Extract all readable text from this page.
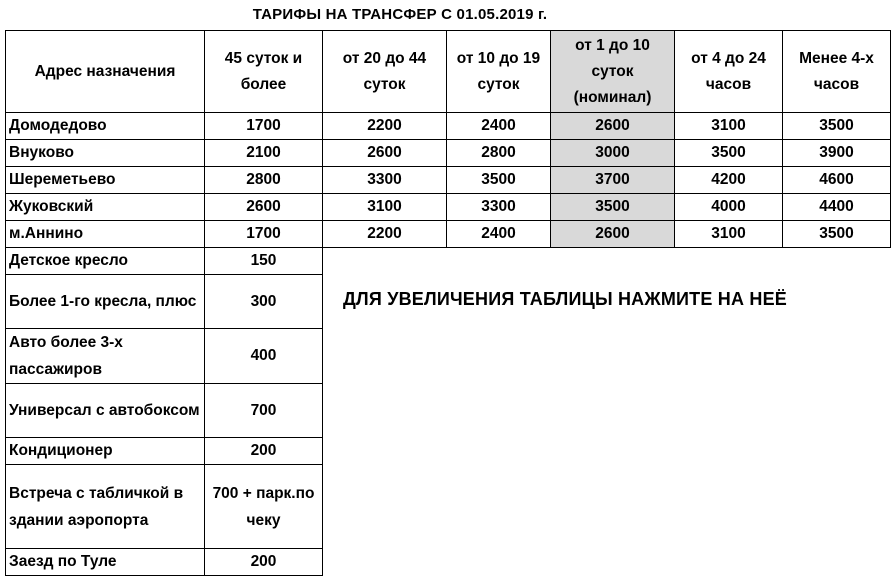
ТАРИФЫ НА ТРАНСФЕР С 01.05.2019 г.
Адрес назначения	45 суток и более	от 20 до 44 суток	от 10 до 19 суток	от 1 до 10 суток (номинал)	от 4 до 24 часов	Менее 4-х часов
Домодедово	1700	2200	2400	2600	3100	3500
Внуково	2100	2600	2800	3000	3500	3900
Шереметьево	2800	3300	3500	3700	4200	4600
Жуковский	2600	3100	3300	3500	4000	4400
м.Аннино	1700	2200	2400	2600	3100	3500
Детское кресло	150					
Более 1-го кресла, плюс	300					
Авто более 3-х пассажиров	400					
Универсал с автобоксом	700					
Кондиционер	200					
Встреча с табличкой в здании аэропорта	700 + парк.по чеку					
Заезд по Туле	200					
ДЛЯ УВЕЛИЧЕНИЯ ТАБЛИЦЫ НАЖМИТЕ НА НЕЁ
